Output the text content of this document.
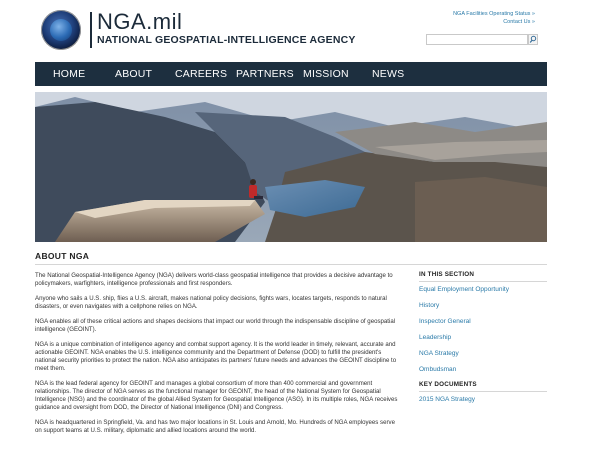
NGA.mil
NATIONAL GEOSPATIAL-INTELLIGENCE AGENCY
NGA Facilities Operating Status »
Contact Us »
HOME	ABOUT CAREERS PARTNERS MISSION NEWS
ABOUT NGA

The National Geospatial-Intelligence Agency (NGA) delivers world-class geospatial intelligence that provides a decisive advantage to policymakers, warfighters, intelligence professionals and first responders.

Anyone who sails a U.S. ship, flies a U.S. aircraft, makes national policy decisions, fights wars, locates targets, responds to natural disasters, or even navigates with a cellphone relies on NGA.

NGA enables all of these critical actions and shapes decisions that impact our world through the indispensable discipline of geospatial intelligence (GEOINT).

NGA is a unique combination of intelligence agency and combat support agency. It is the world leader in timely, relevant, accurate and actionable GEOINT. NGA enables the U.S. intelligence community and the Department of Defense (DOD) to fulfill the president's national security priorities to protect the nation. NGA also anticipates its partners' future needs and advances the GEOINT discipline to meet them.

NGA is the lead federal agency for GEOINT and manages a global consortium of more than 400 commercial and government relationships. The director of NGA serves as the functional manager for GEOINT, the head of the National System for Geospatial Intelligence (NSG) and the coordinator of the global Allied System for Geospatial Intelligence (ASG). In its multiple roles, NGA receives guidance and oversight from DOD, the Director of National Intelligence (DNI) and Congress.

NGA is headquartered in Springfield, Va. and has two major locations in St. Louis and Arnold, Mo. Hundreds of NGA employees serve on support teams at U.S. military, diplomatic and allied locations around the world.

IN THIS SECTION
Equal Employment Opportunity
History
Inspector General
Leadership
NGA Strategy
Ombudsman
KEY DOCUMENTS
2015 NGA Strategy
